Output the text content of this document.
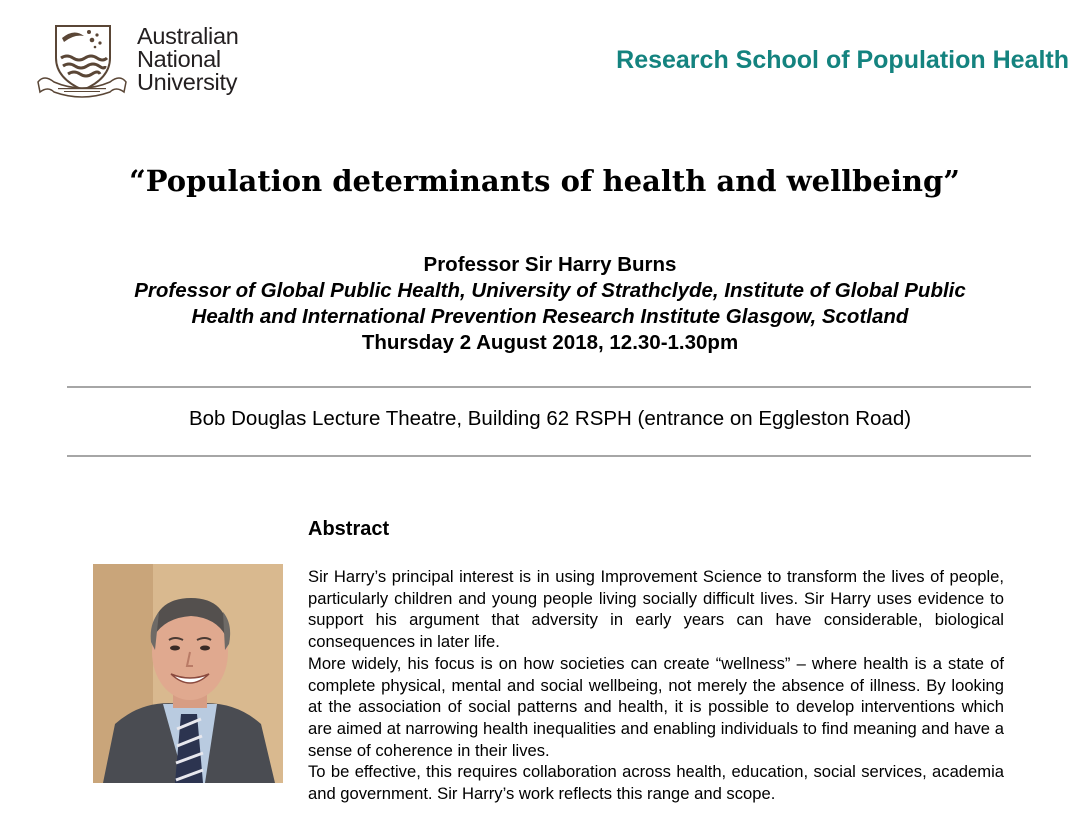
Australian
National
University
Research School of Population Health
“Population determinants of health and wellbeing”
Professor Sir Harry Burns
Professor of Global Public Health, University of Strathclyde, Institute of Global Public
Health and International Prevention Research Institute Glasgow, Scotland
Thursday 2 August 2018, 12.30-1.30pm
Bob Douglas Lecture Theatre, Building 62 RSPH (entrance on Eggleston Road)
Abstract

Sir Harry’s principal interest is in using Improvement Science to transform the lives of people, particularly children and young people living socially difficult lives. Sir Harry uses evidence to support his argument that adversity in early years can have considerable, biological consequences in later life.

More widely, his focus is on how societies can create “wellness” – where health is a state of complete physical, mental and social wellbeing, not merely the absence of illness. By looking at the association of social patterns and health, it is possible to develop interventions which are aimed at narrowing health inequalities and enabling individuals to find meaning and have a sense of coherence in their lives.

To be effective, this requires collaboration across health, education, social services, academia and government. Sir Harry’s work reflects this range and scope.
